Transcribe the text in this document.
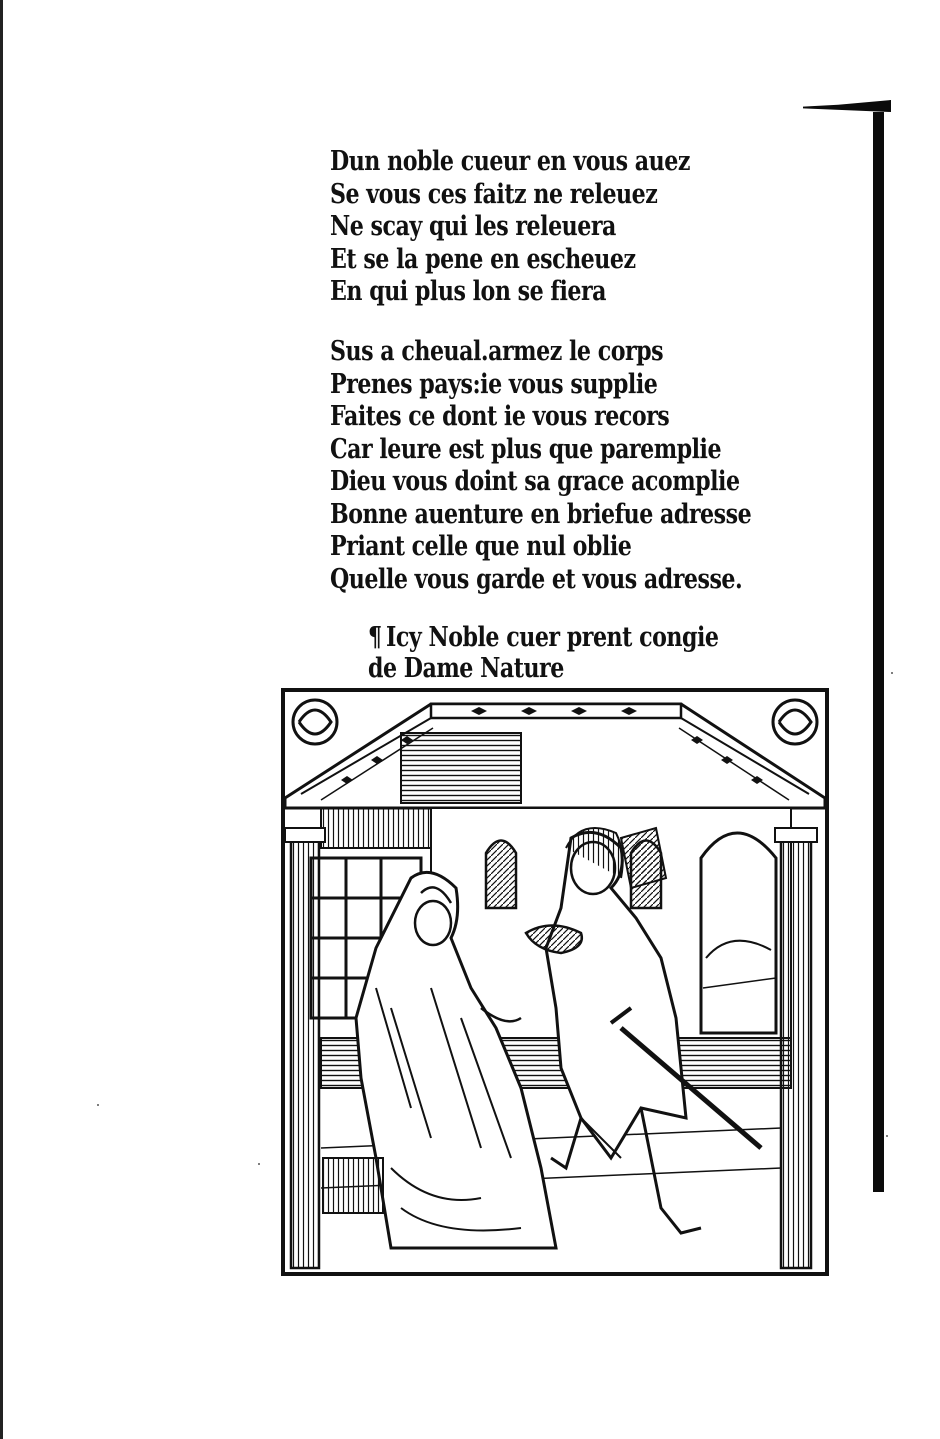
Dun noble cueur en vous auez
Se vous ces faitz ne releuez
Ne scay qui les releuera
Et se la pene en escheuez
En qui plus lon se fiera
Sus a cheual.armez le corps
Prenes pays:ie vous supplie
Faites ce dont ie vous recors
Car leure est plus que paremplie
Dieu vous doint sa grace acomplie
Bonne auenture en briefue adresse
Priant celle que nul oblie
Quelle vous garde et vous adresse.
¶ Icy Noble cuer prent congie
de Dame Nature
